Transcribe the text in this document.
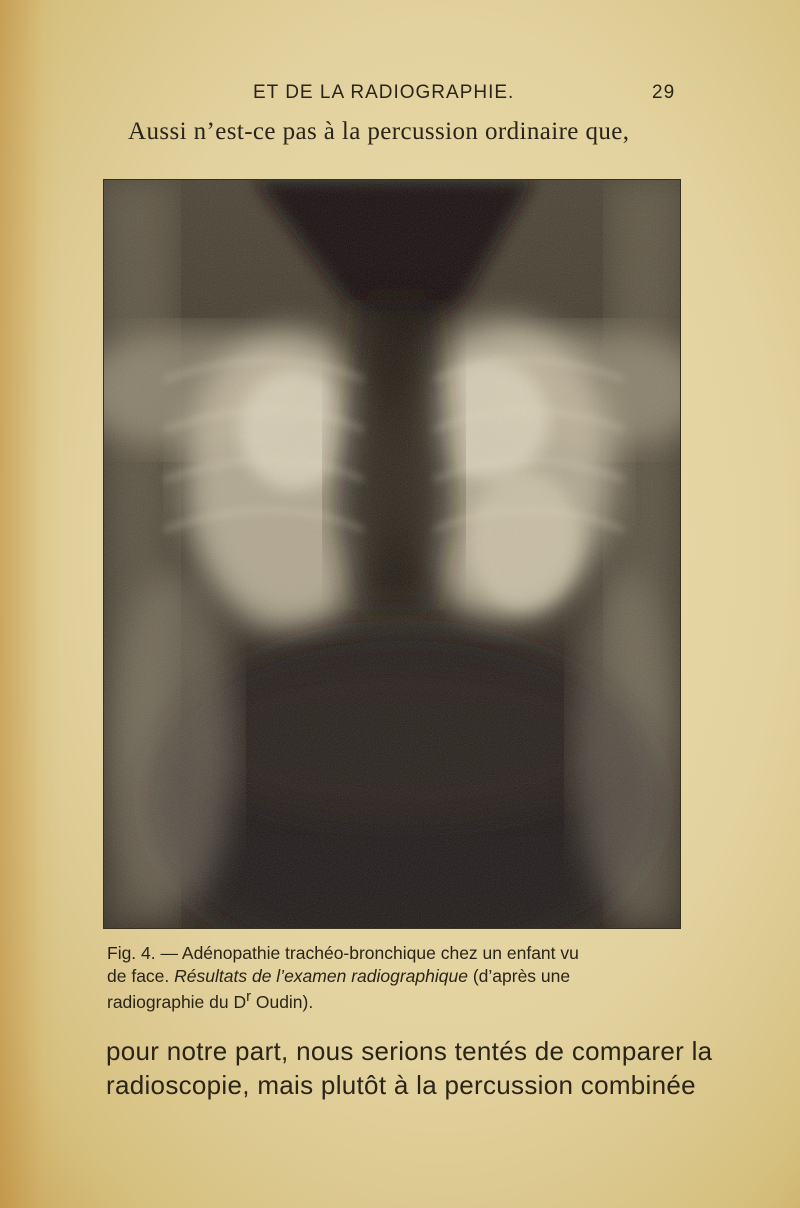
ET DE LA RADIOGRAPHIE.	29
Aussi n’est-ce pas à la percussion ordinaire que,
Fig. 4. — Adénopathie trachéo-bronchique chez un enfant vu
de face. Résultats de l’examen radiographique (d’après une
radiographie du $D^r$ Oudin).
pour notre part, nous serions tentés de comparer la
radioscopie, mais plutôt à la percussion combinée
